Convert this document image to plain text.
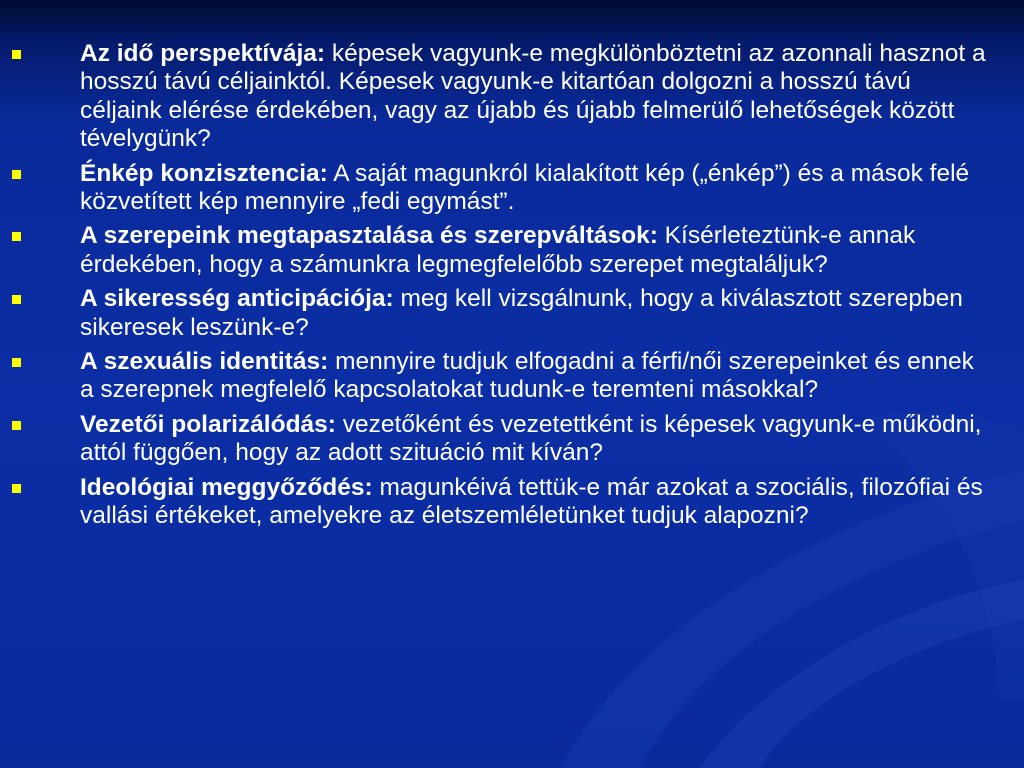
Az idő perspektívája: képesek vagyunk-e megkülönböztetni az azonnali hasznot a hosszú távú céljainktól. Képesek vagyunk-e kitartóan dolgozni a hosszú távú céljaink elérése érdekében, vagy az újabb és újabb felmerülő lehetőségek között tévelygünk?
Énkép konzisztencia: A saját magunkról kialakított kép („énkép”) és a mások felé közvetített kép mennyire „fedi egymást”.
A szerepeink megtapasztalása és szerepváltások: Kísérleteztünk-e annak érdekében, hogy a számunkra legmegfelelőbb szerepet megtaláljuk?
A sikeresség anticipációja: meg kell vizsgálnunk, hogy a kiválasztott szerepben sikeresek leszünk-e?
A szexuális identitás: mennyire tudjuk elfogadni a férfi/női szerepeinket és ennek a szerepnek megfelelő kapcsolatokat tudunk-e teremteni másokkal?
Vezetői polarizálódás: vezetőként és vezetettként is képesek vagyunk-e működni, attól függően, hogy az adott szituáció mit kíván?
Ideológiai meggyőződés: magunkéivá tettük-e már azokat a szociális, filozófiai és vallási értékeket, amelyekre az életszemléletünket tudjuk alapozni?
